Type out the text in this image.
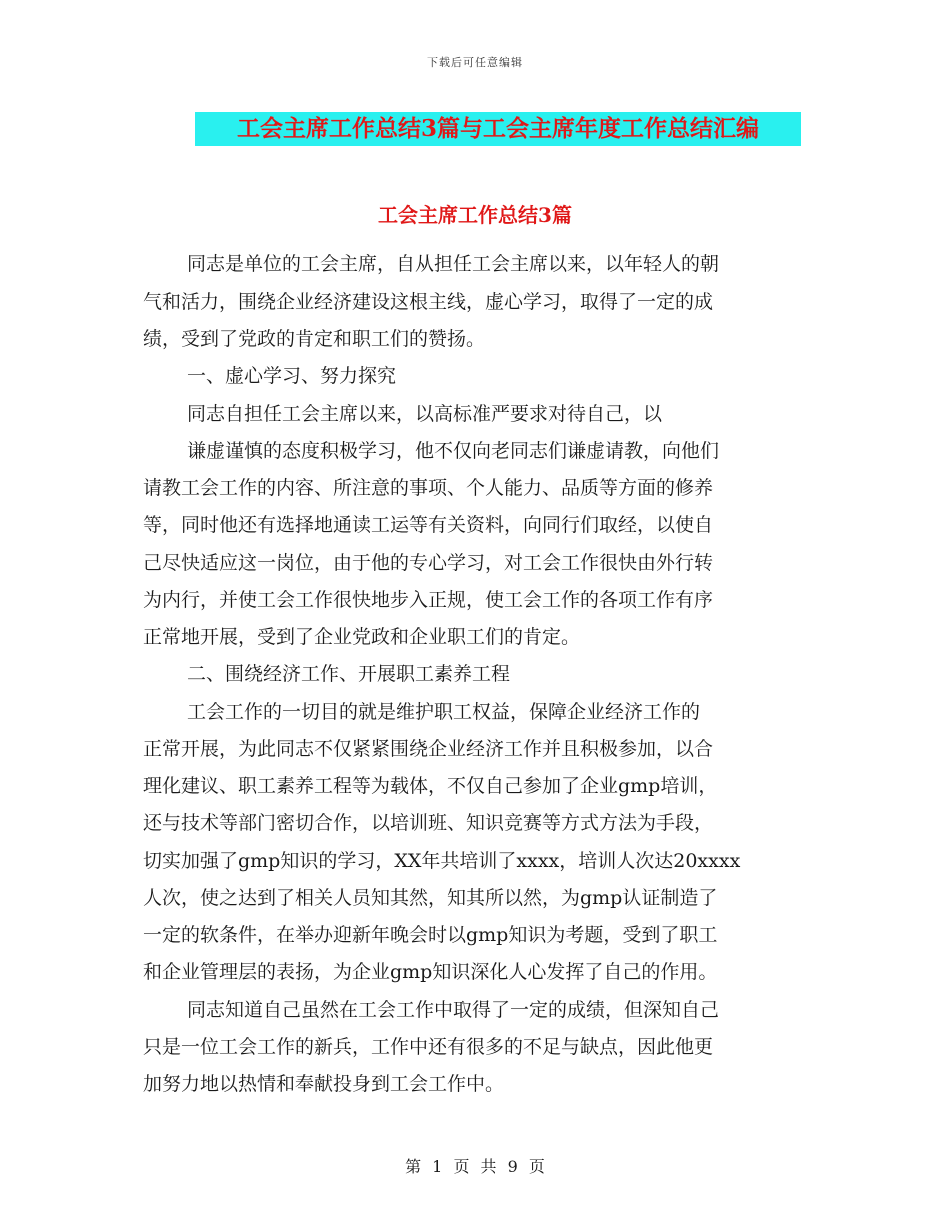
下载后可任意编辑
工会主席工作总结3篇与工会主席年度工作总结汇编
工会主席工作总结3篇
同志是单位的工会主席，自从担任工会主席以来，以年轻人的朝
气和活力，围绕企业经济建设这根主线，虚心学习，取得了一定的成
绩，受到了党政的肯定和职工们的赞扬。
一、虚心学习、努力探究
同志自担任工会主席以来，以高标准严要求对待自己，以
谦虚谨慎的态度积极学习，他不仅向老同志们谦虚请教，向他们
请教工会工作的内容、所注意的事项、个人能力、品质等方面的修养
等，同时他还有选择地通读工运等有关资料，向同行们取经，以使自
己尽快适应这一岗位，由于他的专心学习，对工会工作很快由外行转
为内行，并使工会工作很快地步入正规，使工会工作的各项工作有序
正常地开展，受到了企业党政和企业职工们的肯定。
二、围绕经济工作、开展职工素养工程
工会工作的一切目的就是维护职工权益，保障企业经济工作的
正常开展，为此同志不仅紧紧围绕企业经济工作并且积极参加，以合
理化建议、职工素养工程等为载体，不仅自己参加了企业gmp培训，
还与技术等部门密切合作，以培训班、知识竞赛等方式方法为手段，
切实加强了gmp知识的学习，XX年共培训了xxxx，培训人次达20xxxx
人次，使之达到了相关人员知其然，知其所以然，为gmp认证制造了
一定的软条件，在举办迎新年晚会时以gmp知识为考题，受到了职工
和企业管理层的表扬，为企业gmp知识深化人心发挥了自己的作用。
同志知道自己虽然在工会工作中取得了一定的成绩，但深知自己
只是一位工会工作的新兵，工作中还有很多的不足与缺点，因此他更
加努力地以热情和奉献投身到工会工作中。
第 1 页 共 9 页
